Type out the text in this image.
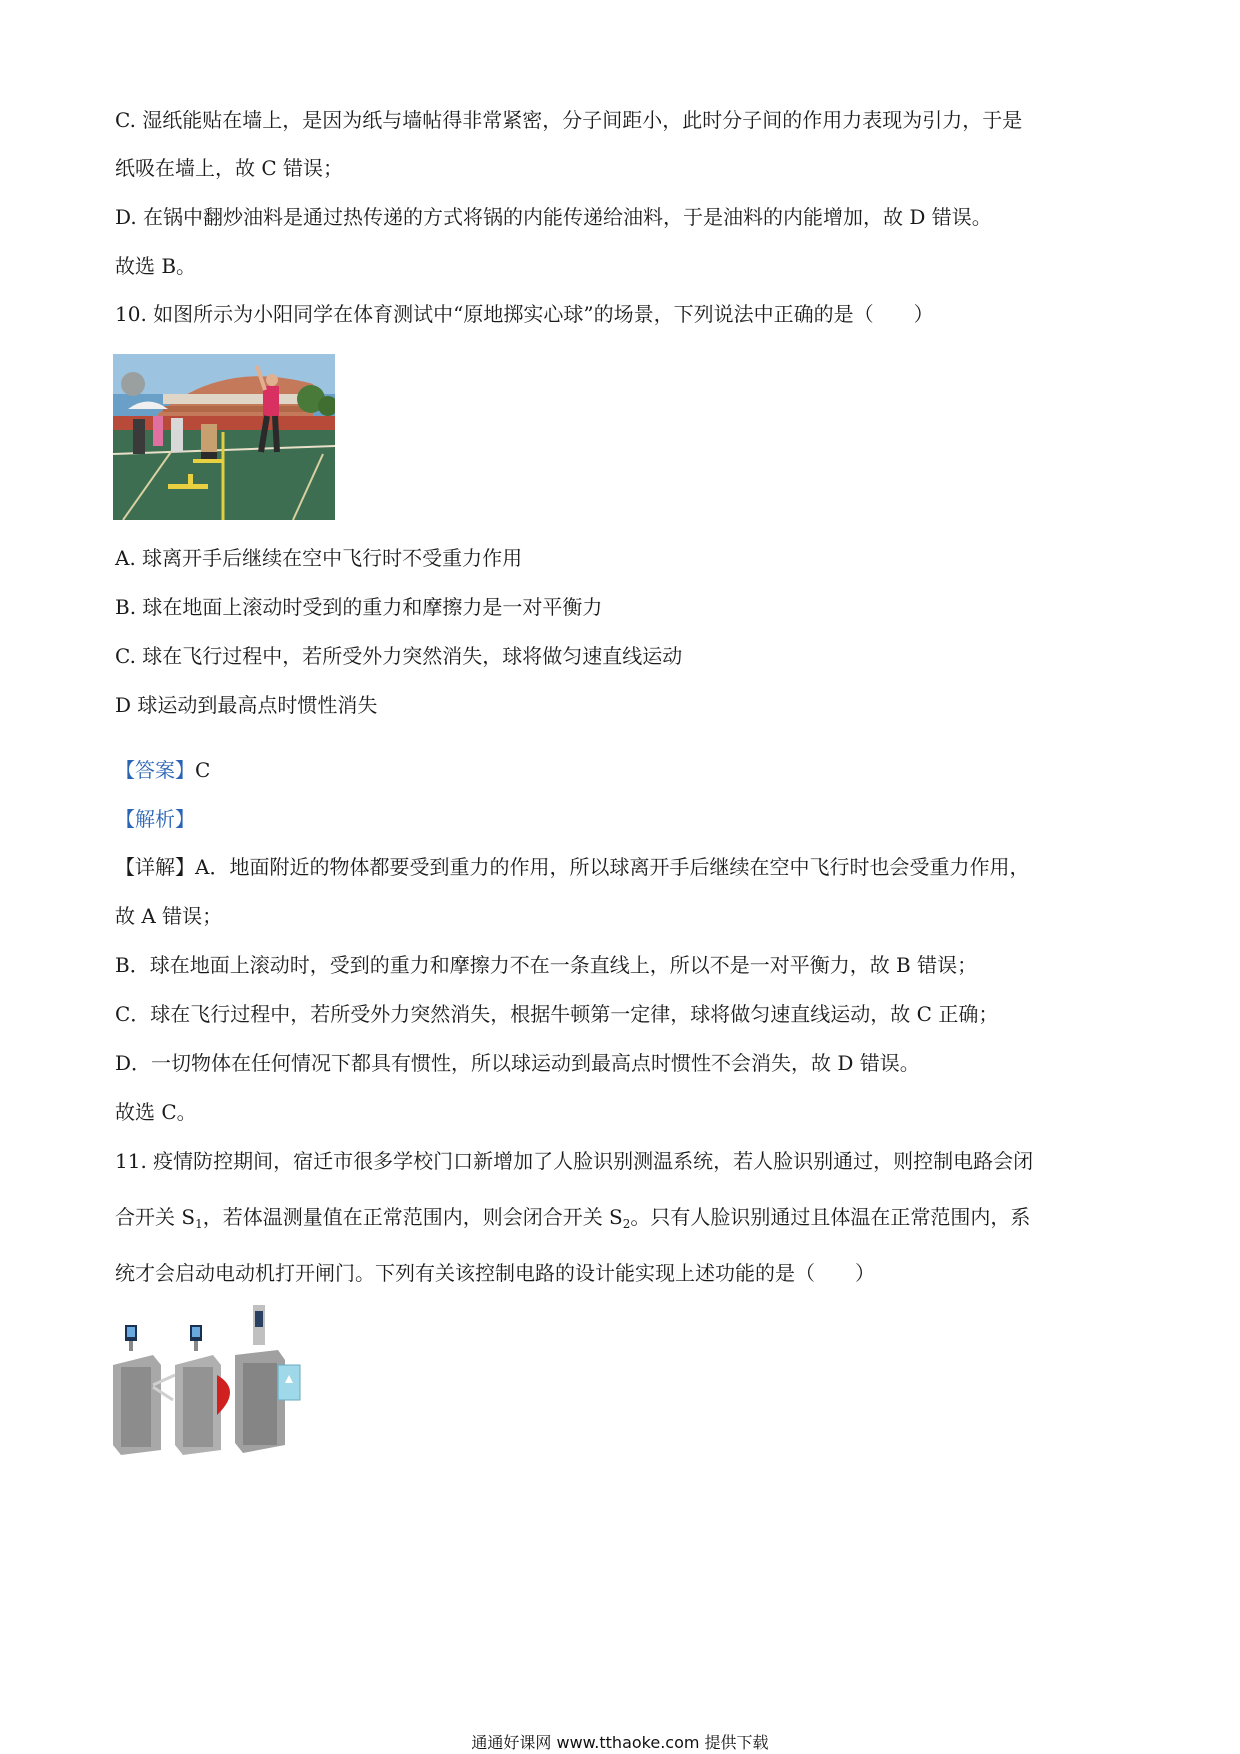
C. 湿纸能贴在墙上，是因为纸与墙帖得非常紧密，分子间距小，此时分子间的作用力表现为引力，于是
纸吸在墙上，故 C 错误；
D. 在锅中翻炒油料是通过热传递的方式将锅的内能传递给油料，于是油料的内能增加，故 D 错误。
故选 B。
10. 如图所示为小阳同学在体育测试中“原地掷实心球”的场景，下列说法中正确的是（　　）
A. 球离开手后继续在空中飞行时不受重力作用
B. 球在地面上滚动时受到的重力和摩擦力是一对平衡力
C. 球在飞行过程中，若所受外力突然消失，球将做匀速直线运动
D 球运动到最高点时惯性消失
【答案】C
【解析】
【详解】A．地面附近的物体都要受到重力的作用，所以球离开手后继续在空中飞行时也会受重力作用，
故 A 错误；
B．球在地面上滚动时，受到的重力和摩擦力不在一条直线上，所以不是一对平衡力，故 B 错误；
C．球在飞行过程中，若所受外力突然消失，根据牛顿第一定律，球将做匀速直线运动，故 C 正确；
D．一切物体在任何情况下都具有惯性，所以球运动到最高点时惯性不会消失，故 D 错误。
故选 C。
11. 疫情防控期间，宿迁市很多学校门口新增加了人脸识别测温系统，若人脸识别通过，则控制电路会闭
合开关 $S_1$，若体温测量值在正常范围内，则会闭合开关 $S_2$。只有人脸识别通过且体温在正常范围内，系
统才会启动电动机打开闸门。下列有关该控制电路的设计能实现上述功能的是（　　）
通通好课网 www.tthaoke.com 提供下载
